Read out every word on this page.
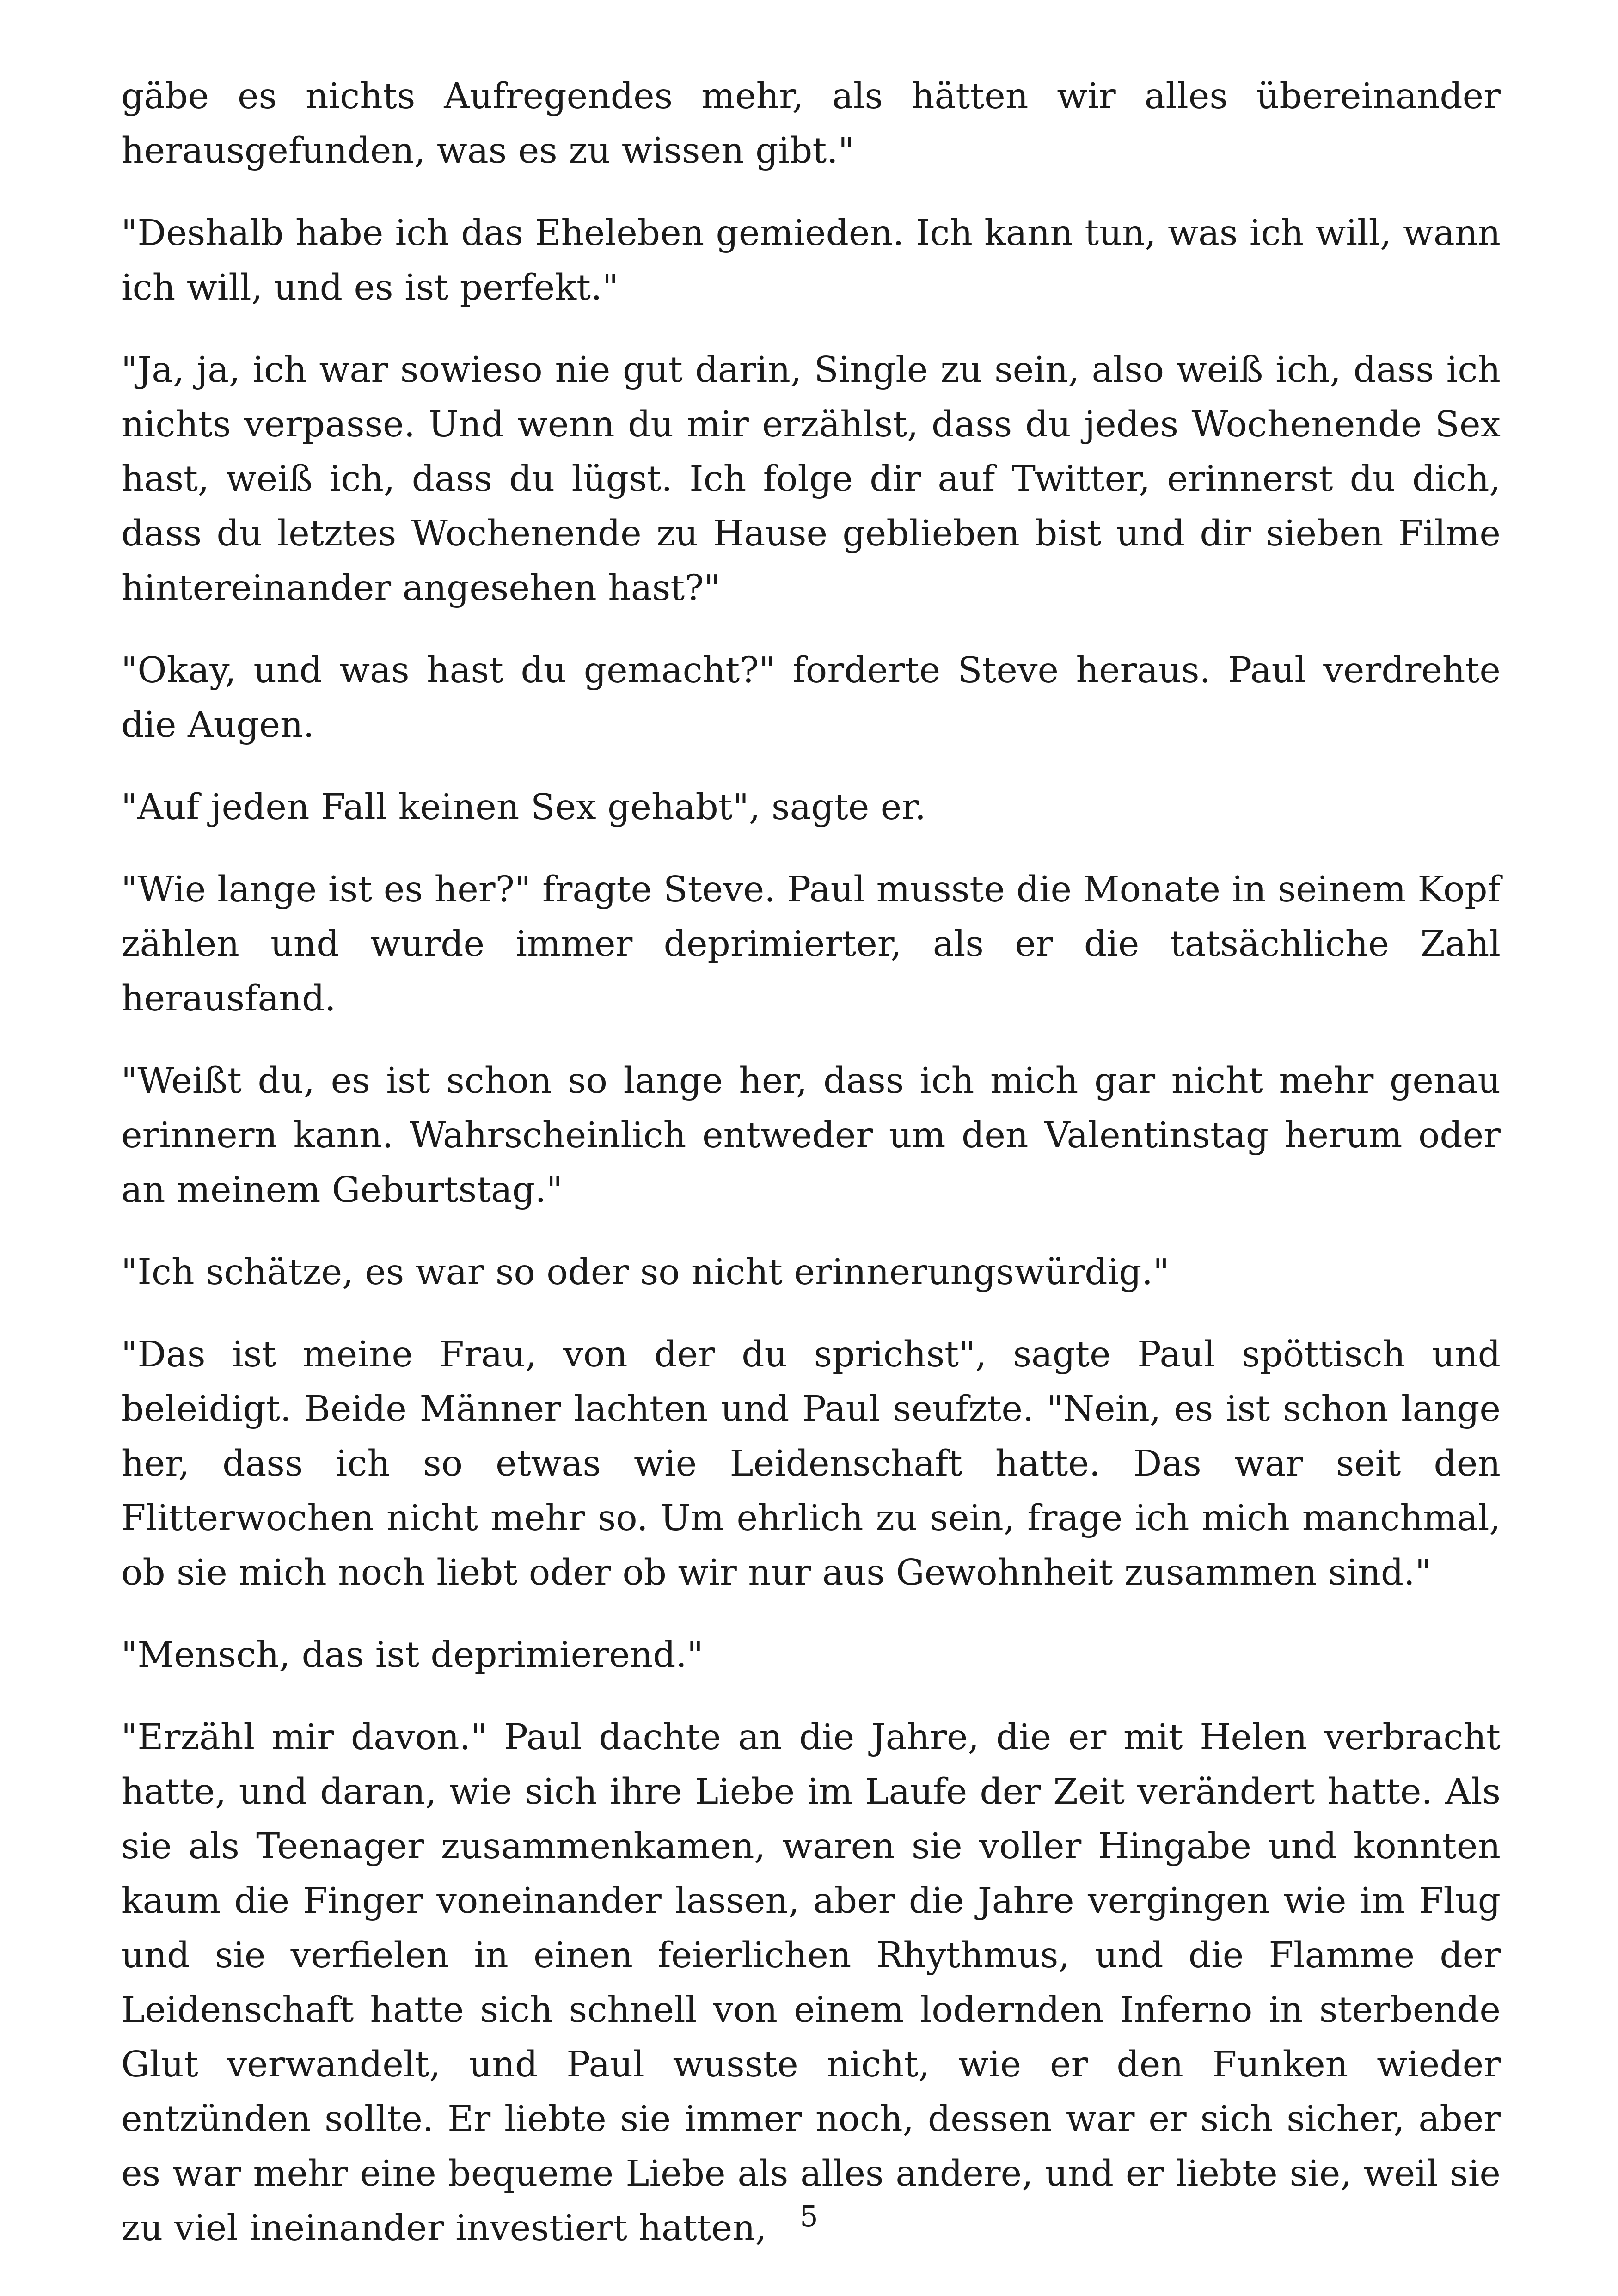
gäbe es nichts Aufregendes mehr, als hätten wir alles übereinander herausgefunden, was es zu wissen gibt."

"Deshalb habe ich das Eheleben gemieden. Ich kann tun, was ich will, wann ich will, und es ist perfekt."

"Ja, ja, ich war sowieso nie gut darin, Single zu sein, also weiß ich, dass ich nichts verpasse. Und wenn du mir erzählst, dass du jedes Wochenende Sex hast, weiß ich, dass du lügst. Ich folge dir auf Twitter, erinnerst du dich, dass du letztes Wochenende zu Hause geblieben bist und dir sieben Filme hintereinander angesehen hast?"

"Okay, und was hast du gemacht?" forderte Steve heraus. Paul verdrehte die Augen.

"Auf jeden Fall keinen Sex gehabt", sagte er.

"Wie lange ist es her?" fragte Steve. Paul musste die Monate in seinem Kopf zählen und wurde immer deprimierter, als er die tatsächliche Zahl herausfand.

"Weißt du, es ist schon so lange her, dass ich mich gar nicht mehr genau erinnern kann. Wahrscheinlich entweder um den Valentinstag herum oder an meinem Geburtstag."

"Ich schätze, es war so oder so nicht erinnerungswürdig."

"Das ist meine Frau, von der du sprichst", sagte Paul spöttisch und beleidigt. Beide Männer lachten und Paul seufzte. "Nein, es ist schon lange her, dass ich so etwas wie Leidenschaft hatte. Das war seit den Flitterwochen nicht mehr so. Um ehrlich zu sein, frage ich mich manchmal, ob sie mich noch liebt oder ob wir nur aus Gewohnheit zusammen sind."

"Mensch, das ist deprimierend."

"Erzähl mir davon." Paul dachte an die Jahre, die er mit Helen verbracht hatte, und daran, wie sich ihre Liebe im Laufe der Zeit verändert hatte. Als sie als Teenager zusammenkamen, waren sie voller Hingabe und konnten kaum die Finger voneinander lassen, aber die Jahre vergingen wie im Flug und sie verfielen in einen feierlichen Rhythmus, und die Flamme der Leidenschaft hatte sich schnell von einem lodernden Inferno in sterbende Glut verwandelt, und Paul wusste nicht, wie er den Funken wieder entzünden sollte. Er liebte sie immer noch, dessen war er sich sicher, aber es war mehr eine bequeme Liebe als alles andere, und er liebte sie, weil sie zu viel ineinander investiert hatten,	5
